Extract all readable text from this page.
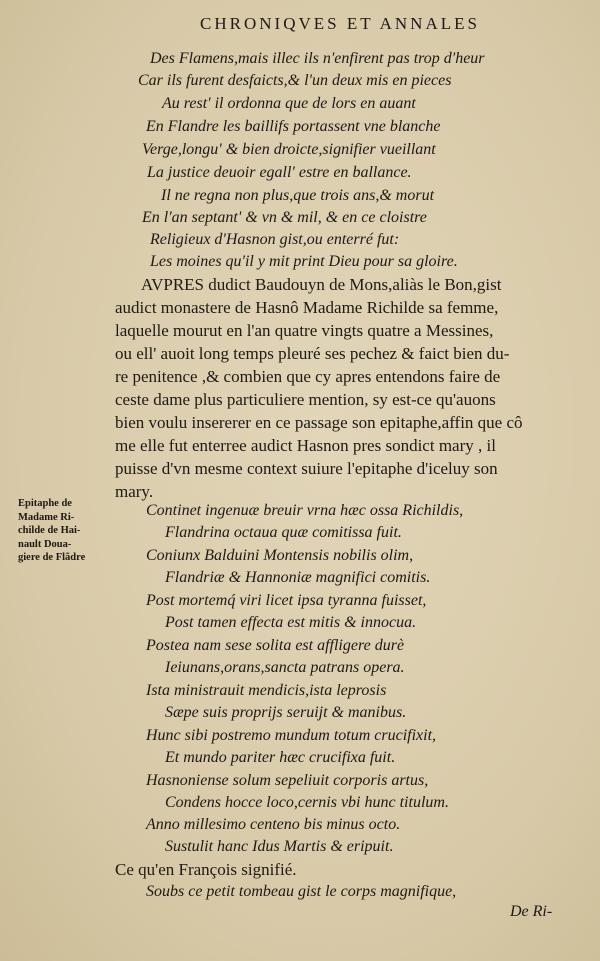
CHRONIQVES ET ANNALES
Des Flamens,mais illec ils n'enfirent pas trop d'heur
Car ils furent desfaicts,& l'un deux mis en pieces
Au rest' il ordonna que de lors en auant
En Flandre les baillifs portassent vne blanche
Verge,longu' & bien droicte,signifier vueillant
La justice deuoir egall' estre en ballance.
Il ne regna non plus,que trois ans,& morut
En l'an septant' & vn & mil, & en ce cloistre
Religieux d'Hasnon gist,ou enterré fut:
Les moines qu'il y mit print Dieu pour sa gloire.
AVPRES dudict Baudouyn de Mons,aliàs le Bon,gist
audict monastere de Hasnô Madame Richilde sa femme,
laquelle mourut en l'an quatre vingts quatre a Messines,
ou ell' auoit long temps pleuré ses pechez & faict bien du-
re penitence ,& combien que cy apres entendons faire de
ceste dame plus particuliere mention, sy est-ce qu'auons
bien voulu insererer en ce passage son epitaphe,affin que cô
me elle fut enterree audict Hasnon pres sondict mary , il
puisse d'vn mesme context suiure l'epitaphe d'iceluy son
mary.
Epitaphe de
Madame Ri-
childe de Hai-
nault Doua-
giere de Flãdre
Continet ingenuæ breuir vrna hæc ossa Richildis,
Flandrina octaua quæ comitissa fuit.
Coniunx Balduini Montensis nobilis olim,
Flandriæ & Hannoniæ magnifici comitis.
Post mortemq́ viri licet ipsa tyranna fuisset,
Post tamen effecta est mitis & innocua.
Postea nam sese solita est affligere durè
Ieiunans,orans,sancta patrans opera.
Ista ministrauit mendicis,ista leprosis
Sæpe suis proprijs seruijt & manibus.
Hunc sibi postremo mundum totum crucifixit,
Et mundo pariter hæc crucifixa fuit.
Hasnoniense solum sepeliuit corporis artus,
Condens hocce loco,cernis vbi hunc titulum.
Anno millesimo centeno bis minus octo.
Sustulit hanc Idus Martis & eripuit.
Ce qu'en François signifié.
Soubs ce petit tombeau gist le corps magnifique,
De Ri-
